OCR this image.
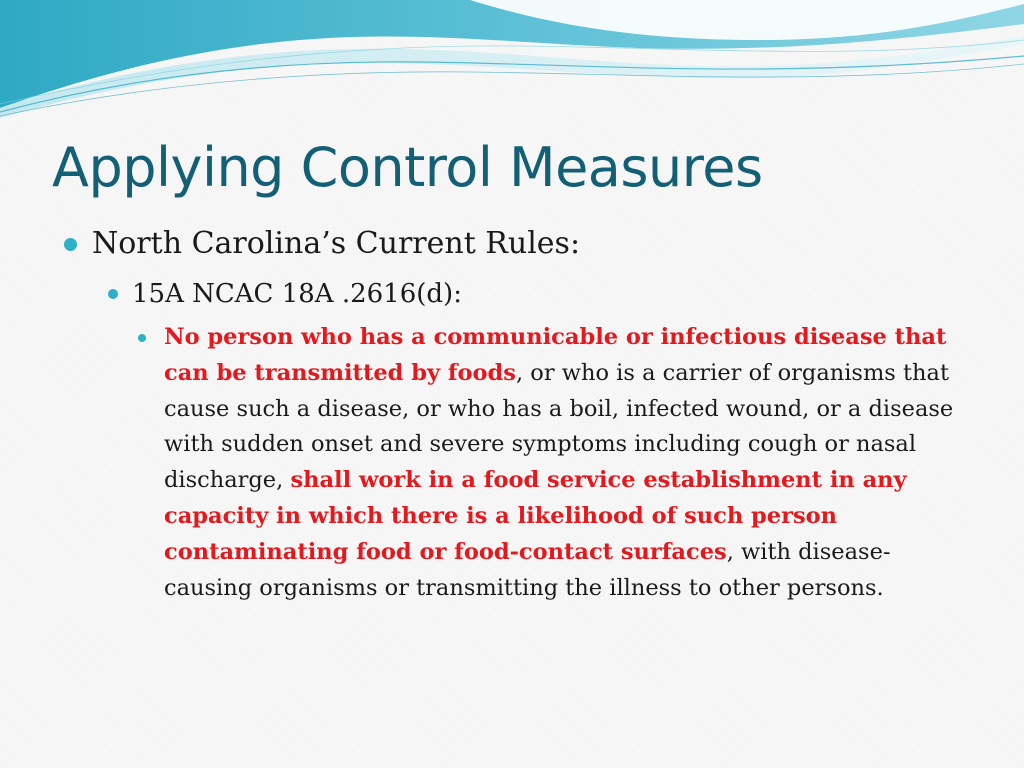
Applying Control Measures
North Carolina’s Current Rules:
15A NCAC 18A .2616(d):
No person who has a communicable or infectious disease that can be transmitted by foods, or who is a carrier of organisms that cause such a disease, or who has a boil, infected wound, or a disease with sudden onset and severe symptoms including cough or nasal discharge, shall work in a food service establishment in any capacity in which there is a likelihood of such person contaminating food or food-contact surfaces, with disease-causing organisms or transmitting the illness to other persons.
